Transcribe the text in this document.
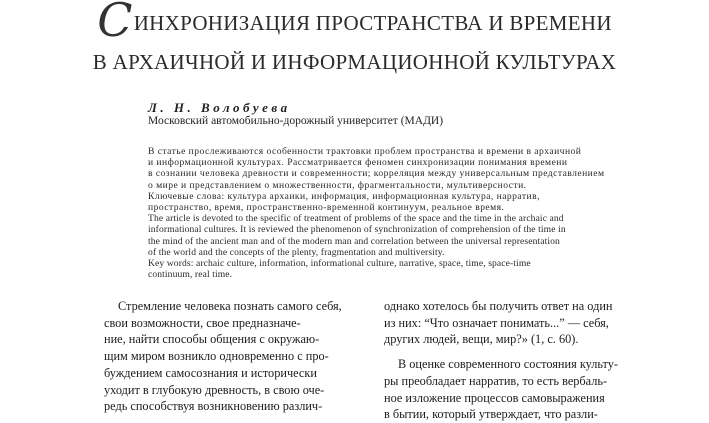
СИНХРОНИЗАЦИЯ ПРОСТРАНСТВА И ВРЕМЕНИ
В АРХАИЧНОЙ И ИНФОРМАЦИОННОЙ КУЛЬТУРАХ
Л. Н. Волобуева
Московский автомобильно-дорожный университет (МАДИ)

В статье прослеживаются особенности трактовки проблем пространства и времени в архаичной
и информационной культурах. Рассматривается феномен синхронизации понимания времени
в сознании человека древности и современности; корреляция между универсальным представлением
о мире и представлением о множественности, фрагментальности, мультиверсности.

Ключевые слова: культура архаики, информация, информационная культура, нарратив,
пространство, время, пространственно-временной континуум, реальное время.

The article is devoted to the specific of treatment of problems of the space and the time in the archaic and
informational cultures. It is reviewed the phenomenon of synchronization of comprehension of the time in
the mind of the ancient man and of the modern man and correlation between the universal representation
of the world and the concepts of the plenty, fragmentation and multiversity.

Key words: archaic culture, information, informational culture, narrative, space, time, space-time
continuum, real time.

Стремление человека познать самого себя,
свои возможности, свое предназначе-
ние, найти способы общения с окружаю-
щим миром возникло одновременно с про-
буждением самосознания и исторически
уходит в глубокую древность, в свою оче-
редь способствуя возникновению различ-

однако хотелось бы получить ответ на один
из них: “Что означает понимать...” — себя,
других людей, вещи, мир?» (1, с. 60).

В оценке современного состояния культу-
ры преобладает нарратив, то есть вербаль-
ное изложение процессов самовыражения
в бытии, который утверждает, что разли-
